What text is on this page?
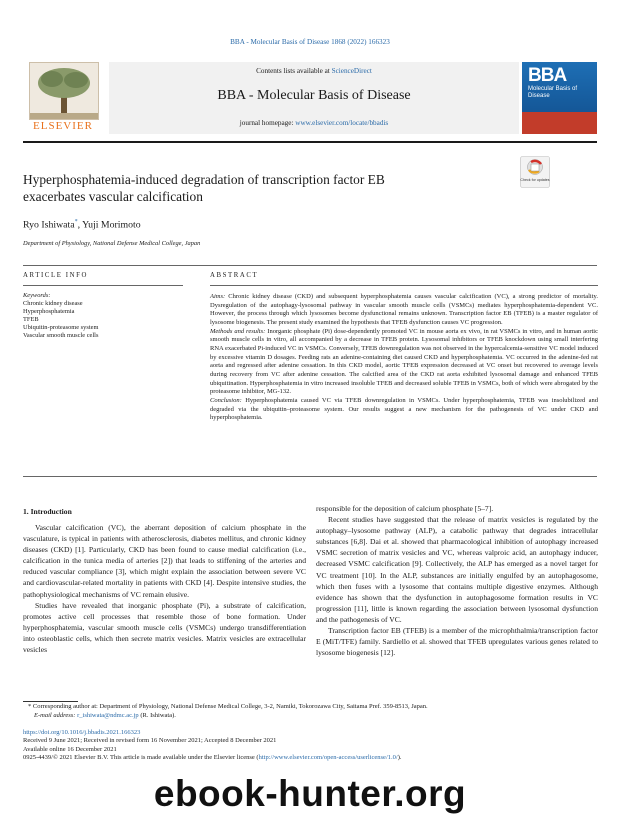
BBA - Molecular Basis of Disease 1868 (2022) 166323
ELSEVIER
Contents lists available at ScienceDirect
BBA - Molecular Basis of Disease
journal homepage: www.elsevier.com/locate/bbadis
BBA
Molecular Basis of Disease
Hyperphosphatemia-induced degradation of transcription factor EB
exacerbates vascular calcification
Check for updates
Ryo Ishiwata*, Yuji Morimoto
Department of Physiology, National Defense Medical College, Japan
ARTICLE INFO	ABSTRACT
Keywords:
Chronic kidney disease
Hyperphosphatemia
TFEB
Ubiquitin-proteasome system
Vascular smooth muscle cells

Aims: Chronic kidney disease (CKD) and subsequent hyperphosphatemia causes vascular calcification (VC), a strong predictor of mortality. Dysregulation of the autophagy-lysosomal pathway in vascular smooth muscle cells (VSMCs) mediates hyperphosphatemia-dependent VC. However, the process through which lysosomes become dysfunctional remains unknown. Transcription factor EB (TFEB) is a master regulator of lysosome biogenesis. The present study examined the hypothesis that TFEB dysfunction causes VC progression.

Methods and results: Inorganic phosphate (Pi) dose-dependently promoted VC in mouse aorta ex vivo, in rat VSMCs in vitro, and in human aortic smooth muscle cells in vitro, all accompanied by a decrease in TFEB protein. Lysosomal inhibitors or TFEB knockdown using small interfering RNA exacerbated Pi-induced VC in VSMCs. Conversely, TFEB downregulation was not observed in the hypercalcemia-sensitive VC model induced by excessive vitamin D dosages. Feeding rats an adenine-containing diet caused CKD and hyperphosphatemia. VC occurred in the adenine-fed rat aorta and regressed after adenine cessation. In this CKD model, aortic TFEB expression decreased at VC onset but recovered to average levels during recovery from VC after adenine cessation. The calcified area of the CKD rat aorta exhibited lysosomal damage and enhanced TFEB ubiquitination. Hyperphosphatemia in vitro increased insoluble TFEB and decreased soluble TFEB in VSMCs, both of which were abrogated by the proteasome inhibitor, MG-132.

Conclusion: Hyperphosphatemia caused VC via TFEB downregulation in VSMCs. Under hyperphosphatemia, TFEB was insolubilized and degraded via the ubiquitin–proteasome system. Our results suggest a new mechanism for the pathogenesis of VC under CKD and hyperphosphatemia.

1. Introduction

Vascular calcification (VC), the aberrant deposition of calcium phosphate in the vasculature, is typical in patients with atherosclerosis, diabetes mellitus, and chronic kidney diseases (CKD) [1]. Particularly, CKD has been found to cause medial calcification (i.e., calcification in the tunica media of arteries [2]) that leads to stiffening of the arteries and reduced vascular compliance [3], which might explain the association between severe VC and cardiovascular-related mortality in patients with CKD [4]. Despite intensive studies, the pathophysiological mechanisms of VC remain elusive.

Studies have revealed that inorganic phosphate (Pi), a substrate of calcification, promotes active cell processes that resemble those of bone formation. Under hyperphosphatemia, vascular smooth muscle cells (VSMCs) undergo transdifferentiation into osteoblastic cells, which then secrete matrix vesicles. Matrix vesicles are extracellular vesicles

responsible for the deposition of calcium phosphate [5–7].

Recent studies have suggested that the release of matrix vesicles is regulated by the autophagy–lysosome pathway (ALP), a catabolic pathway that degrades intracellular substances [6,8]. Dai et al. showed that pharmacological inhibition of autophagy increased VSMC secretion of matrix vesicles and VC, whereas valproic acid, an autophagy inducer, decreased VSMC calcification [9]. Collectively, the ALP has emerged as a novel target for VC treatment [10]. In the ALP, substances are initially engulfed by an autophagosome, which then fuses with a lysosome that contains multiple digestive enzymes. Although evidence has shown that the dysfunction in autophagosome formation results in VC progression [11], little is known regarding the association between lysosomal dysfunction and the pathogenesis of VC.

Transcription factor EB (TFEB) is a member of the microphthalmia/transcription factor E (MiT/TFE) family. Sardiello et al. showed that TFEB upregulates various genes related to lysosome biogenesis [12].

* Corresponding author at: Department of Physiology, National Defense Medical College, 3-2, Namiki, Tokorozawa City, Saitama Pref. 359-8513, Japan.
E-mail address: r_ishiwata@ndmc.ac.jp (R. Ishiwata).
https://doi.org/10.1016/j.bbadis.2021.166323
Received 9 June 2021; Received in revised form 16 November 2021; Accepted 8 December 2021
Available online 16 December 2021
0925-4439/© 2021 Elsevier B.V. This article is made available under the Elsevier license (http://www.elsevier.com/open-access/userlicense/1.0/).
ebook-hunter.org
